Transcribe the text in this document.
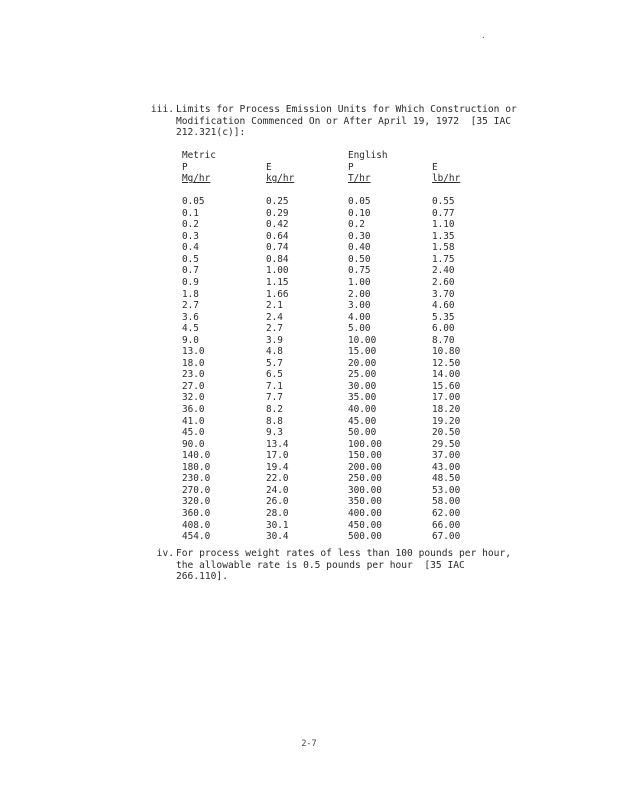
.
iii. Limits for Process Emission Units for Which Construction or
Modification Commenced On or After April 19, 1972  [35 IAC
212.321(c)]:
Metric		English	
P	E	P	E
Mg/hr	kg/hr	T/hr	lb/hr

0.05	0.25	0.05	0.55
0.1	0.29	0.10	0.77
0.2	0.42	0.2	1.10
0.3	0.64	0.30	1.35
0.4	0.74	0.40	1.58
0.5	0.84	0.50	1.75
0.7	1.00	0.75	2.40
0.9	1.15	1.00	2.60
1.8	1.66	2.00	3.70
2.7	2.1	3.00	4.60
3.6	2.4	4.00	5.35
4.5	2.7	5.00	6.00
9.0	3.9	10.00	8.70
13.0	4.8	15.00	10.80
18.0	5.7	20.00	12.50
23.0	6.5	25.00	14.00
27.0	7.1	30.00	15.60
32.0	7.7	35.00	17.00
36.0	8.2	40.00	18.20
41.0	8.8	45.00	19.20
45.0	9.3	50.00	20.50
90.0	13.4	100.00	29.50
140.0	17.0	150.00	37.00
180.0	19.4	200.00	43.00
230.0	22.0	250.00	48.50
270.0	24.0	300.00	53.00
320.0	26.0	350.00	58.00
360.0	28.0	400.00	62.00
408.0	30.1	450.00	66.00
454.0	30.4	500.00	67.00
iv. For process weight rates of less than 100 pounds per hour,
the allowable rate is 0.5 pounds per hour  [35 IAC
266.110].
2-7
